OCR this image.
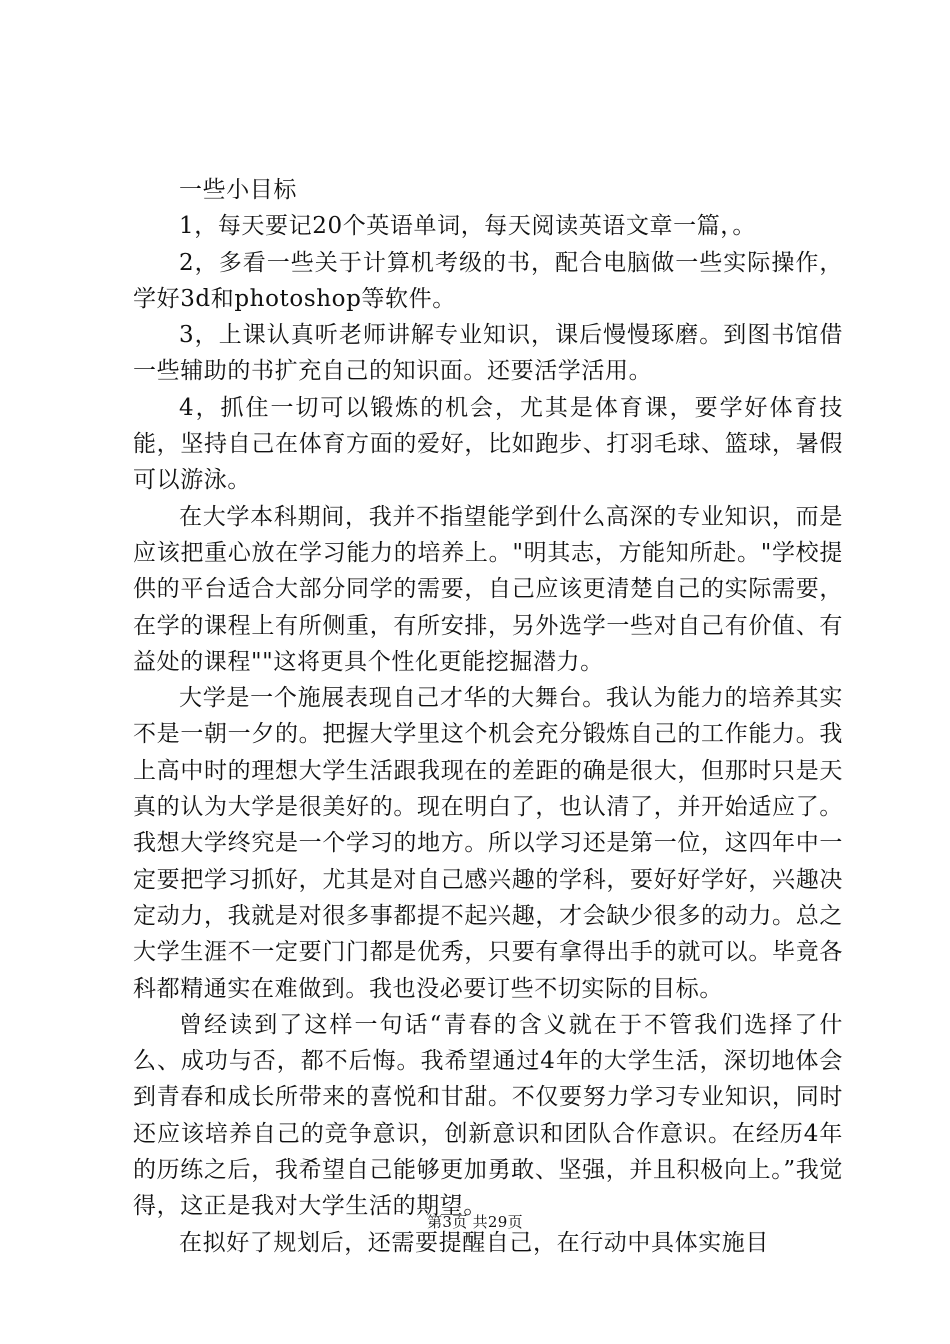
一些小目标

1，每天要记20个英语单词，每天阅读英语文章一篇，。

2，多看一些关于计算机考级的书，配合电脑做一些实际操作，学好3d和photoshop等软件。

3，上课认真听老师讲解专业知识，课后慢慢琢磨。到图书馆借一些辅助的书扩充自己的知识面。还要活学活用。

4，抓住一切可以锻炼的机会，尤其是体育课，要学好体育技能，坚持自己在体育方面的爱好，比如跑步、打羽毛球、篮球，暑假可以游泳。

在大学本科期间，我并不指望能学到什么高深的专业知识，而是应该把重心放在学习能力的培养上。"明其志，方能知所赴。"学校提供的平台适合大部分同学的需要，自己应该更清楚自己的实际需要，在学的课程上有所侧重，有所安排，另外选学一些对自己有价值、有益处的课程""这将更具个性化更能挖掘潜力。

大学是一个施展表现自己才华的大舞台。我认为能力的培养其实不是一朝一夕的。把握大学里这个机会充分锻炼自己的工作能力。我上高中时的理想大学生活跟我现在的差距的确是很大，但那时只是天真的认为大学是很美好的。现在明白了，也认清了，并开始适应了。我想大学终究是一个学习的地方。所以学习还是第一位，这四年中一定要把学习抓好，尤其是对自己感兴趣的学科，要好好学好，兴趣决定动力，我就是对很多事都提不起兴趣，才会缺少很多的动力。总之大学生涯不一定要门门都是优秀，只要有拿得出手的就可以。毕竟各科都精通实在难做到。我也没必要订些不切实际的目标。

曾经读到了这样一句话“青春的含义就在于不管我们选择了什么、成功与否，都不后悔。我希望通过4年的大学生活，深切地体会到青春和成长所带来的喜悦和甘甜。不仅要努力学习专业知识，同时还应该培养自己的竞争意识，创新意识和团队合作意识。在经历4年的历练之后，我希望自己能够更加勇敢、坚强，并且积极向上。”我觉得，这正是我对大学生活的期望。

在拟好了规划后，还需要提醒自己，在行动中具体实施目

第3页 共29页
